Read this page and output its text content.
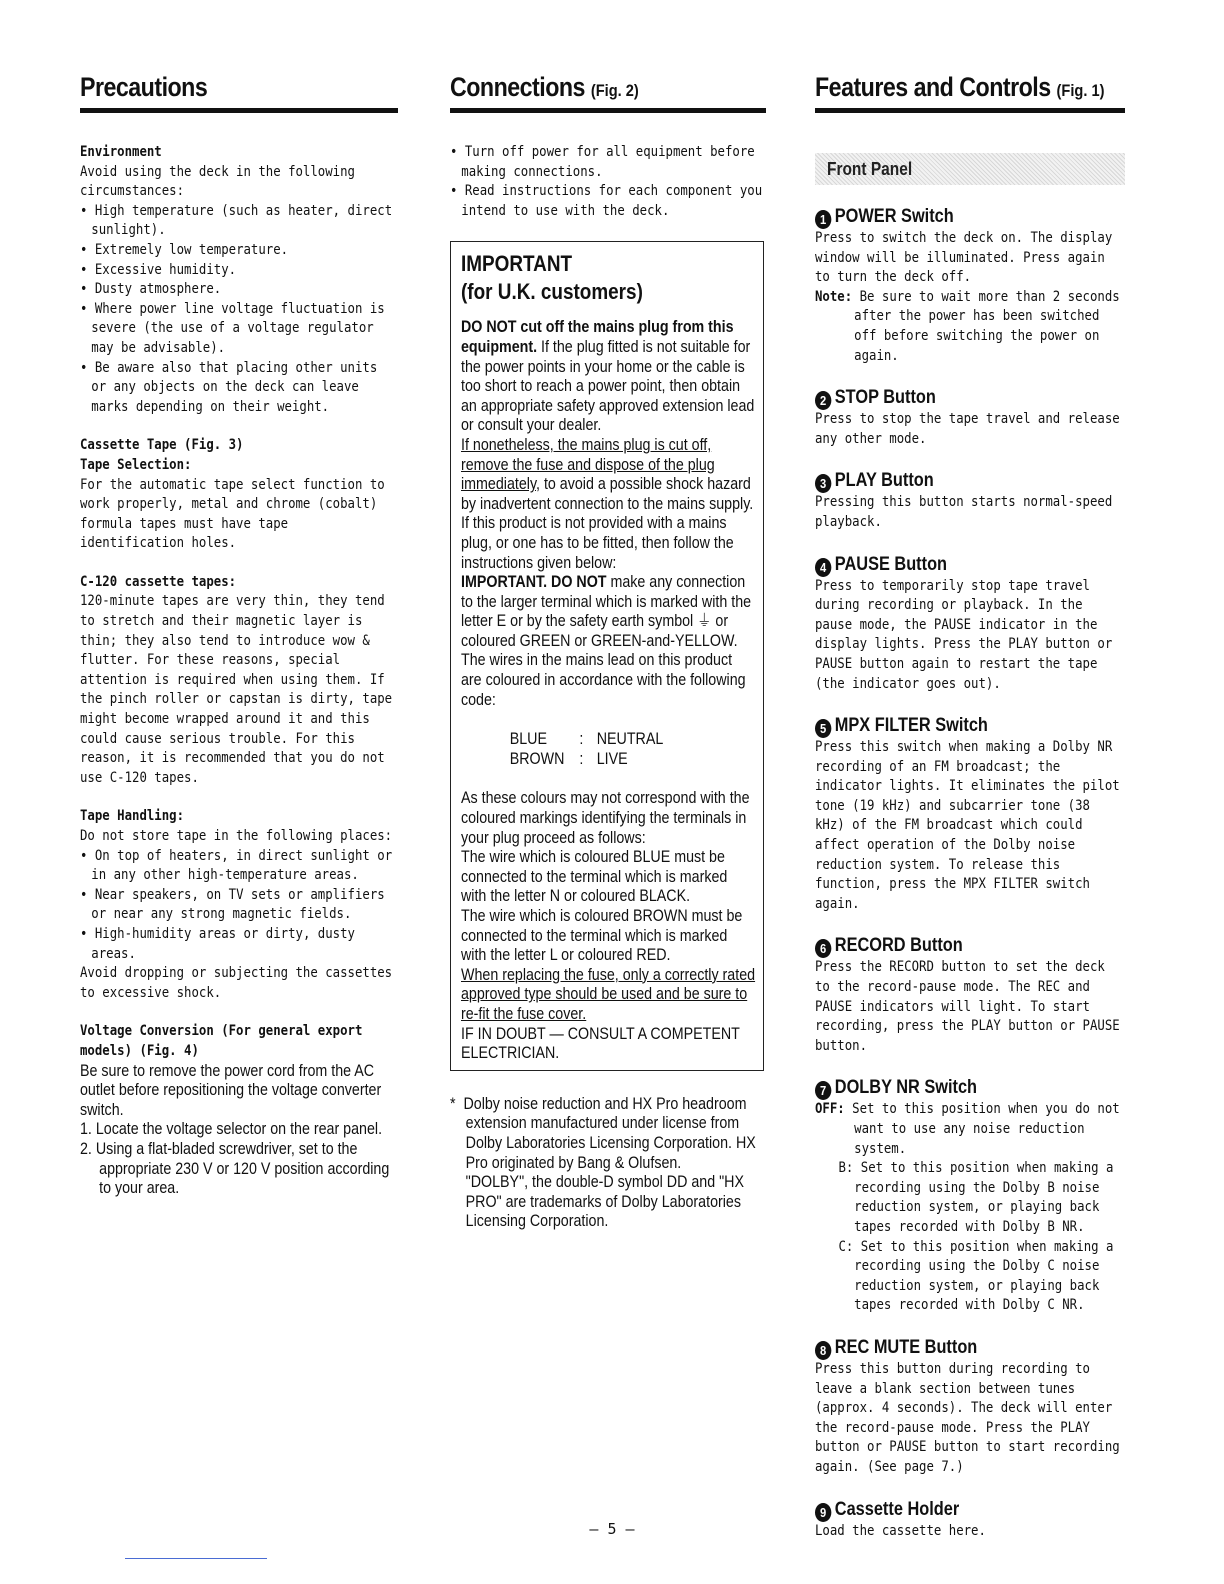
Precautions

Environment

Avoid using the deck in the following circumstances:

• High temperature (such as heater, direct sunlight).

• Extremely low temperature.

• Excessive humidity.

• Dusty atmosphere.

• Where power line voltage fluctuation is severe (the use of a voltage regulator may be advisable).

• Be aware also that placing other units or any objects on the deck can leave marks depending on their weight.

Cassette Tape (Fig. 3)

Tape Selection:

For the automatic tape select function to work properly, metal and chrome (cobalt) formula tapes must have tape identification holes.

C-120 cassette tapes:

120-minute tapes are very thin, they tend to stretch and their magnetic layer is thin; they also tend to introduce wow & flutter. For these reasons, special attention is required when using them. If the pinch roller or capstan is dirty, tape might become wrapped around it and this could cause serious trouble. For this reason, it is recommended that you do not use C-120 tapes.

Tape Handling:

Do not store tape in the following places:

• On top of heaters, in direct sunlight or in any other high-temperature areas.

• Near speakers, on TV sets or amplifiers or near any strong magnetic fields.

• High-humidity areas or dirty, dusty areas.

Avoid dropping or subjecting the cassettes to excessive shock.

Voltage Conversion (For general export models) (Fig. 4)

Be sure to remove the power cord from the AC outlet before repositioning the voltage converter switch.

1. Locate the voltage selector on the rear panel.

2. Using a flat-bladed screwdriver, set to the appropriate 230 V or 120 V position according to your area.

Connections (Fig. 2)

• Turn off power for all equipment before making connections.

• Read instructions for each component you intend to use with the deck.

IMPORTANT
(for U.K. customers)

DO NOT cut off the mains plug from this equipment. If the plug fitted is not suitable for the power points in your home or the cable is too short to reach a power point, then obtain an appropriate safety approved extension lead or consult your dealer.

If nonetheless, the mains plug is cut off, remove the fuse and dispose of the plug immediately, to avoid a possible shock hazard by inadvertent connection to the mains supply.

If this product is not provided with a mains plug, or one has to be fitted, then follow the instructions given below:

IMPORTANT. DO NOT make any connection to the larger terminal which is marked with the letter E or by the safety earth symbol ⏚ or coloured GREEN or GREEN-and-YELLOW.

The wires in the mains lead on this product are coloured in accordance with the following code:

BLUE : NEUTRAL
BROWN : LIVE

As these colours may not correspond with the coloured markings identifying the terminals in your plug proceed as follows:

The wire which is coloured BLUE must be connected to the terminal which is marked with the letter N or coloured BLACK.

The wire which is coloured BROWN must be connected to the terminal which is marked with the letter L or coloured RED.

When replacing the fuse, only a correctly rated approved type should be used and be sure to re-fit the fuse cover.

IF IN DOUBT — CONSULT A COMPETENT ELECTRICIAN.

* Dolby noise reduction and HX Pro headroom extension manufactured under license from Dolby Laboratories Licensing Corporation. HX Pro originated by Bang & Olufsen.

"DOLBY", the double-D symbol DD and "HX PRO" are trademarks of Dolby Laboratories Licensing Corporation.

Features and Controls (Fig. 1)
Front Panel
1 POWER Switch

Press to switch the deck on. The display window will be illuminated. Press again to turn the deck off.

Note: Be sure to wait more than 2 seconds after the power has been switched off before switching the power on again.

2 STOP Button

Press to stop the tape travel and release any other mode.

3 PLAY Button

Pressing this button starts normal-speed playback.

4 PAUSE Button

Press to temporarily stop tape travel during recording or playback. In the pause mode, the PAUSE indicator in the display lights. Press the PLAY button or PAUSE button again to restart the tape (the indicator goes out).

5 MPX FILTER Switch

Press this switch when making a Dolby NR recording of an FM broadcast; the indicator lights. It eliminates the pilot tone (19 kHz) and subcarrier tone (38 kHz) of the FM broadcast which could affect operation of the Dolby noise reduction system. To release this function, press the MPX FILTER switch again.

6 RECORD Button

Press the RECORD button to set the deck to the record-pause mode. The REC and PAUSE indicators will light. To start recording, press the PLAY button or PAUSE button.

7 DOLBY NR Switch

OFF: Set to this position when you do not want to use any noise reduction system.

B: Set to this position when making a recording using the Dolby B noise reduction system, or playing back tapes recorded with Dolby B NR.

C: Set to this position when making a recording using the Dolby C noise reduction system, or playing back tapes recorded with Dolby C NR.

8 REC MUTE Button

Press this button during recording to leave a blank section between tunes (approx. 4 seconds). The deck will enter the record-pause mode. Press the PLAY button or PAUSE button to start recording again. (See page 7.)

9 Cassette Holder

Load the cassette here.

– 5 –
